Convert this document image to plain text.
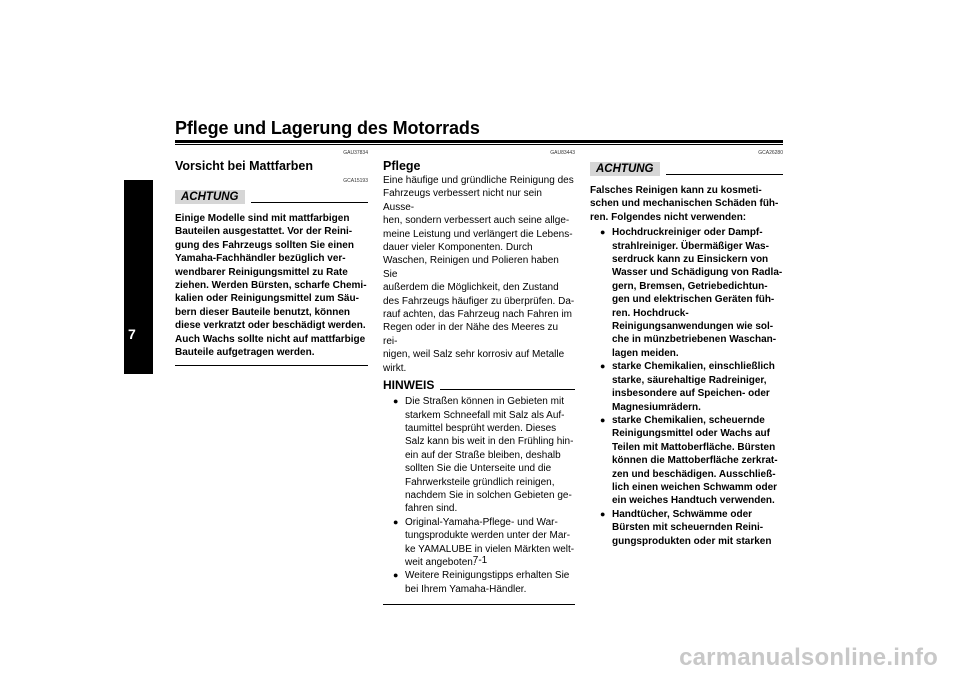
Pflege und Lagerung des Motorrads
7
GAU37834
Vorsicht bei Mattfarben
GCA15193
ACHTUNG
Einige Modelle sind mit mattfarbigen
Bauteilen ausgestattet. Vor der Reini-
gung des Fahrzeugs sollten Sie einen
Yamaha-Fachhändler bezüglich ver-
wendbarer Reinigungsmittel zu Rate
ziehen. Werden Bürsten, scharfe Chemi-
kalien oder Reinigungsmittel zum Säu-
bern dieser Bauteile benutzt, können
diese verkratzt oder beschädigt werden.
Auch Wachs sollte nicht auf mattfarbige
Bauteile aufgetragen werden.
GAU83443
Pflege
Eine häufige und gründliche Reinigung des
Fahrzeugs verbessert nicht nur sein Ausse-
hen, sondern verbessert auch seine allge-
meine Leistung und verlängert die Lebens-
dauer vieler Komponenten. Durch
Waschen, Reinigen und Polieren haben Sie
außerdem die Möglichkeit, den Zustand
des Fahrzeugs häufiger zu überprüfen. Da-
rauf achten, das Fahrzeug nach Fahren im
Regen oder in der Nähe des Meeres zu rei-
nigen, weil Salz sehr korrosiv auf Metalle
wirkt.
HINWEIS
● Die Straßen können in Gebieten mit
starkem Schneefall mit Salz als Auf-
taumittel besprüht werden. Dieses
Salz kann bis weit in den Frühling hin-
ein auf der Straße bleiben, deshalb
sollten Sie die Unterseite und die
Fahrwerksteile gründlich reinigen,
nachdem Sie in solchen Gebieten ge-
fahren sind.
● Original-Yamaha-Pflege- und War-
tungsprodukte werden unter der Mar-
ke YAMALUBE in vielen Märkten welt-
weit angeboten.
● Weitere Reinigungstipps erhalten Sie
bei Ihrem Yamaha-Händler.
GCA26280
ACHTUNG
Falsches Reinigen kann zu kosmeti-
schen und mechanischen Schäden füh-
ren. Folgendes nicht verwenden:
● Hochdruckreiniger oder Dampf-
strahlreiniger. Übermäßiger Was-
serdruck kann zu Einsickern von
Wasser und Schädigung von Radla-
gern, Bremsen, Getriebedichtun-
gen und elektrischen Geräten füh-
ren. Hochdruck-
Reinigungsanwendungen wie sol-
che in münzbetriebenen Waschan-
lagen meiden.
● starke Chemikalien, einschließlich
starke, säurehaltige Radreiniger,
insbesondere auf Speichen- oder
Magnesiumrädern.
● starke Chemikalien, scheuernde
Reinigungsmittel oder Wachs auf
Teilen mit Mattoberfläche. Bürsten
können die Mattoberfläche zerkrat-
zen und beschädigen. Ausschließ-
lich einen weichen Schwamm oder
ein weiches Handtuch verwenden.
● Handtücher, Schwämme oder
Bürsten mit scheuernden Reini-
gungsprodukten oder mit starken
7-1
carmanualsonline.info
